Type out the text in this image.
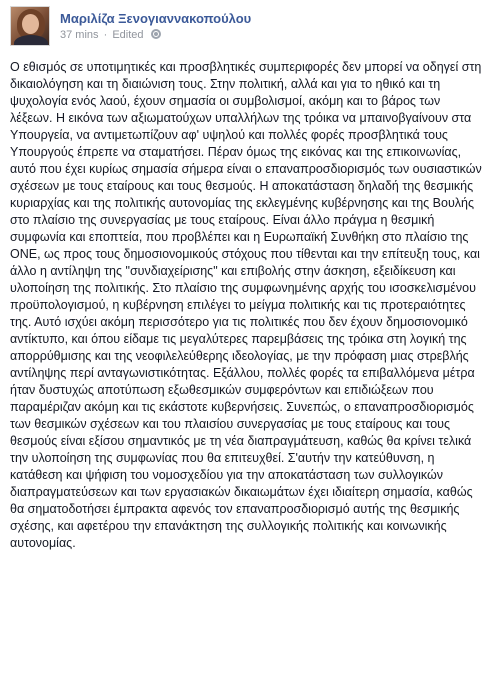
Μαριλίζα Ξενογιαννακοπούλου
37 mins · Edited
Ο εθισμός σε υποτιμητικές και προσβλητικές συμπεριφορές δεν μπορεί να οδηγεί στη δικαιολόγηση και τη διαιώνιση τους. Στην πολιτική, αλλά και για το ηθικό και τη ψυχολογία ενός λαού, έχουν σημασία οι συμβολισμοί, ακόμη και το βάρος των λέξεων. Η εικόνα των αξιωματούχων υπαλλήλων της τρόικα να μπαινοβγαίνουν στα Υπουργεία, να αντιμετωπίζουν αφ' υψηλού και πολλές φορές προσβλητικά τους Υπουργούς έπρεπε να σταματήσει. Πέραν όμως της εικόνας και της επικοινωνίας, αυτό που έχει κυρίως σημασία σήμερα είναι ο επαναπροσδιορισμός των ουσιαστικών σχέσεων με τους εταίρους και τους θεσμούς. Η αποκατάσταση δηλαδή της θεσμικής κυριαρχίας και της πολιτικής αυτονομίας της εκλεγμένης κυβέρνησης και της Βουλής στο πλαίσιο της συνεργασίας με τους εταίρους. Είναι άλλο πράγμα η θεσμική συμφωνία και εποπτεία, που προβλέπει και η Ευρωπαϊκή Συνθήκη στο πλαίσιο της ΟΝΕ, ως προς τους δημοσιονομικούς στόχους που τίθενται και την επίτευξη τους, και άλλο η αντίληψη της "συνδιαχείρισης" και επιβολής στην άσκηση, εξειδίκευση και υλοποίηση της πολιτικής. Στο πλαίσιο της συμφωνημένης αρχής του ισοσκελισμένου προϋπολογισμού, η κυβέρνηση επιλέγει το μείγμα πολιτικής και τις προτεραιότητες της. Αυτό ισχύει ακόμη περισσότερο για τις πολιτικές που δεν έχουν δημοσιονομικό αντίκτυπο, και όπου είδαμε τις μεγαλύτερες παρεμβάσεις της τρόικα στη λογική της απορρύθμισης και της νεοφιλελεύθερης ιδεολογίας, με την πρόφαση μιας στρεβλής αντίληψης περί ανταγωνιστικότητας. Εξάλλου, πολλές φορές τα επιβαλλόμενα μέτρα ήταν δυστυχώς αποτύπωση εξωθεσμικών συμφερόντων και επιδιώξεων που παραμέριζαν ακόμη και τις εκάστοτε κυβερνήσεις. Συνεπώς, ο επαναπροσδιορισμός των θεσμικών σχέσεων και του πλαισίου συνεργασίας με τους εταίρους και τους θεσμούς είναι εξίσου σημαντικός με τη νέα διαπραγμάτευση, καθώς θα κρίνει τελικά την υλοποίηση της συμφωνίας που θα επιτευχθεί. Σ'αυτήν την κατεύθυνση, η κατάθεση και ψήφιση του νομοσχεδίου για την αποκατάσταση των συλλογικών διαπραγματεύσεων και των εργασιακών δικαιωμάτων έχει ιδιαίτερη σημασία, καθώς θα σηματοδοτήσει έμπρακτα αφενός τον επαναπροσδιορισμό αυτής της θεσμικής σχέσης, και αφετέρου την επανάκτηση της συλλογικής πολιτικής και κοινωνικής αυτονομίας.
